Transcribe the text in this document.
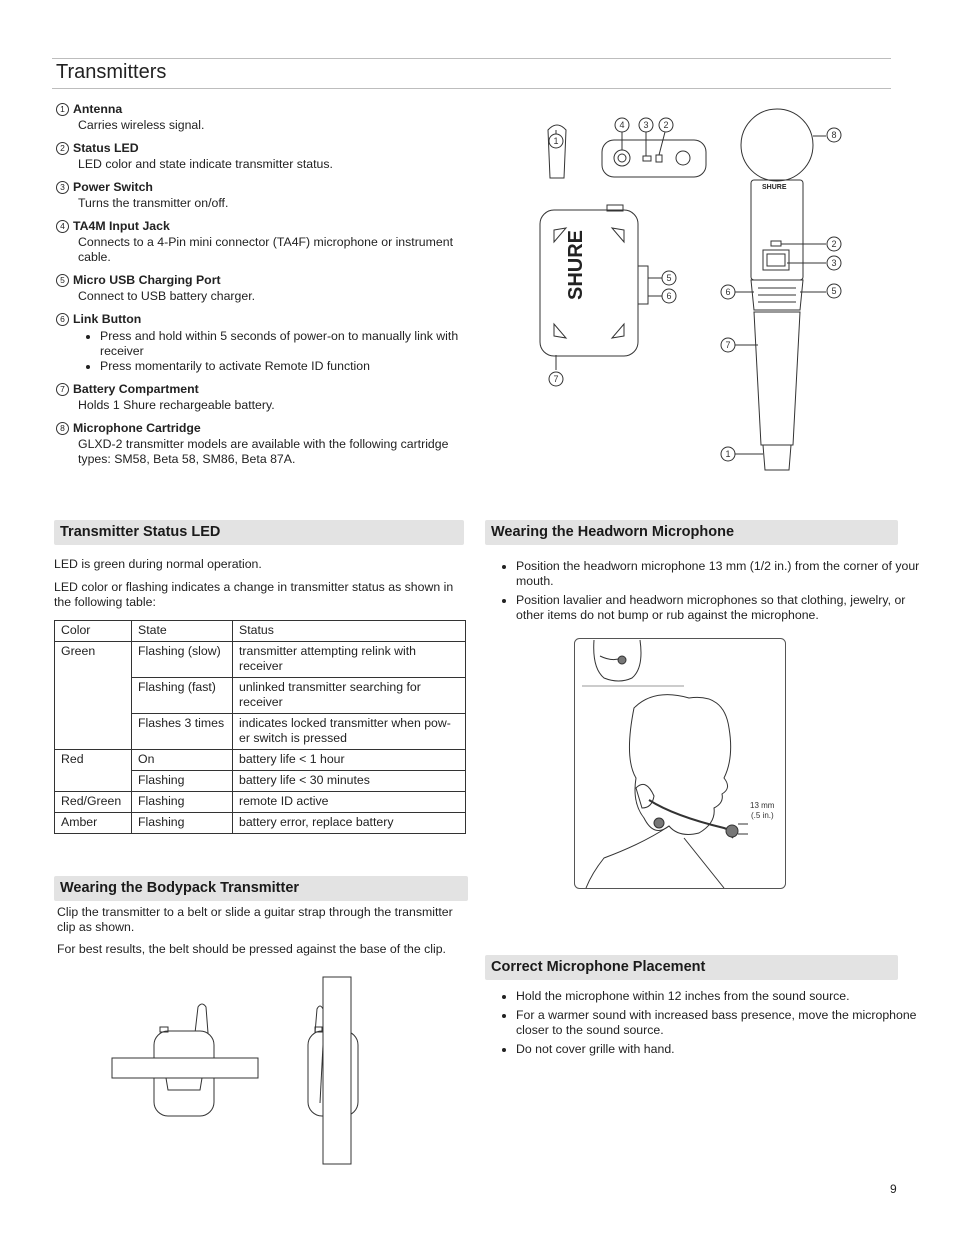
Transmitters
1 Antenna
Carries wireless signal.
2 Status LED
LED color and state indicate transmitter status.
3 Power Switch
Turns the transmitter on/off.
4 TA4M Input Jack
Connects to a 4-Pin mini connector (TA4F) microphone or instrument cable.
5 Micro USB Charging Port
Connect to USB battery charger.
6 Link Button
• Press and hold within 5 seconds of power-on to manually link with receiver
• Press momentarily to activate Remote ID function
7 Battery Compartment
Holds 1 Shure rechargeable battery.
8 Microphone Cartridge
GLXD-2 transmitter models are available with the following cartridge types: SM58, Beta 58, SM86, Beta 87A.
SHURE
SHURE
1
4 3 2
5
6
7
8
2
3
6	5
7
1
Transmitter Status LED
LED is green during normal operation.
LED color or flashing indicates a change in transmitter status as shown in the following table:
Color	State	Status
Green	Flashing (slow)	transmitter attempting relink with receiver
	Flashing (fast)	unlinked transmitter searching for receiver
	Flashes 3 times	indicates locked transmitter when pow-er switch is pressed
Red	On	battery life < 1 hour
	Flashing	battery life < 30 minutes
Red/Green	Flashing	remote ID active
Amber	Flashing	battery error, replace battery
Wearing the Bodypack Transmitter
Clip the transmitter to a belt or slide a guitar strap through the transmitter clip as shown.
For best results, the belt should be pressed against the base of the clip.
Wearing the Headworn Microphone
• Position the headworn microphone 13 mm (1/2 in.) from the corner of your mouth.
• Position lavalier and headworn microphones so that clothing, jewelry, or other items do not bump or rub against the microphone.
13 mm
(.5 in.)
Correct Microphone Placement
• Hold the microphone within 12 inches from the sound source.
• For a warmer sound with increased bass presence, move the microphone closer to the sound source.
• Do not cover grille with hand.
9
